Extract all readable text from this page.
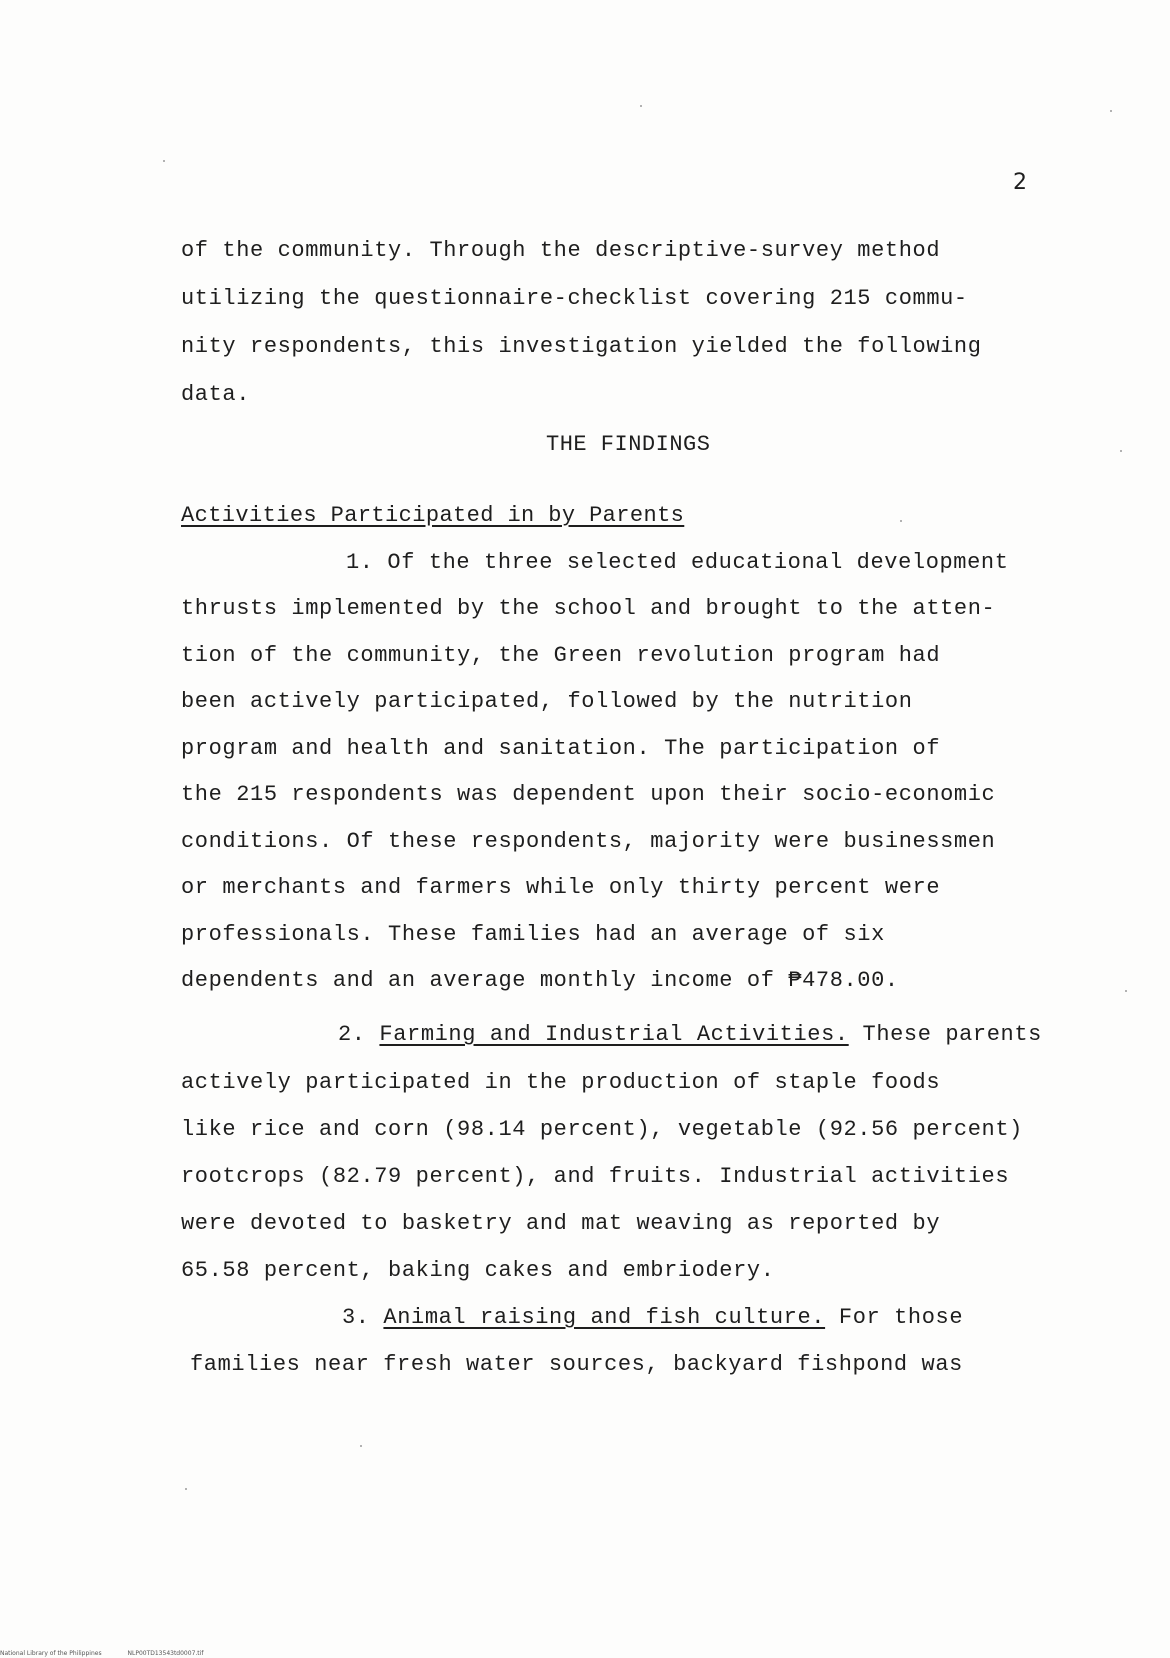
2
of the community. Through the descriptive-survey method
utilizing the questionnaire-checklist covering 215 commu-
nity respondents, this investigation yielded the following
data.
THE FINDINGS
Activities Participated in by Parents
1. Of the three selected educational development
thrusts implemented by the school and brought to the atten-
tion of the community, the Green revolution program had
been actively participated, followed by the nutrition
program and health and sanitation. The participation of
the 215 respondents was dependent upon their socio-economic
conditions. Of these respondents, majority were businessmen
or merchants and farmers while only thirty percent were
professionals. These families had an average of six
dependents and an average monthly income of ₱478.00.
2. Farming and Industrial Activities. These parents
actively participated in the production of staple foods
like rice and corn (98.14 percent), vegetable (92.56 percent)
rootcrops (82.79 percent), and fruits. Industrial activities
were devoted to basketry and mat weaving as reported by
65.58 percent, baking cakes and embriodery.
3. Animal raising and fish culture. For those
families near fresh water sources, backyard fishpond was
National Library of the Philippines	NLP00TD13543td0007.tif
